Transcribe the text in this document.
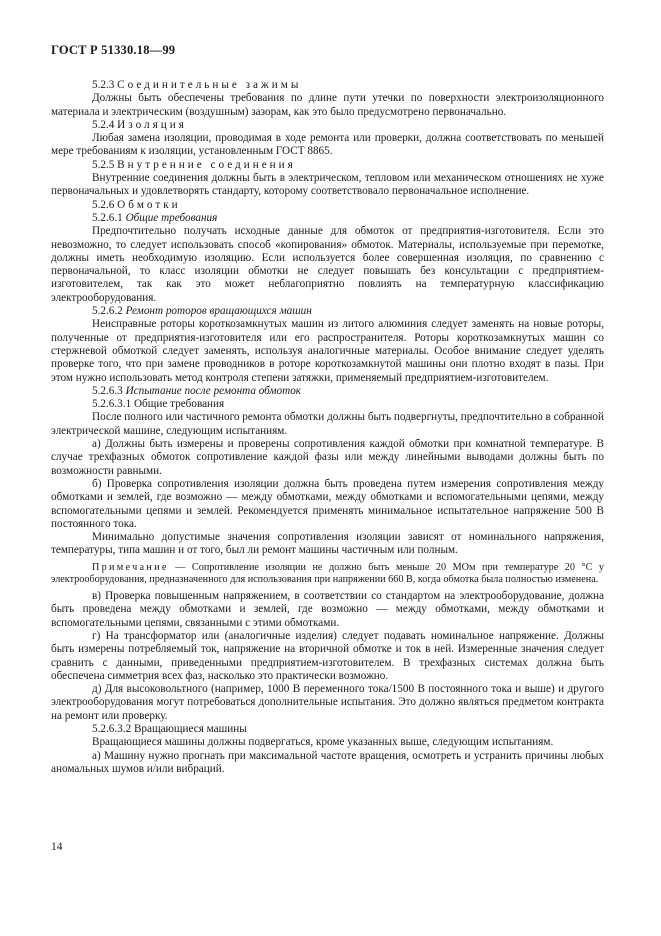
ГОСТ Р 51330.18—99

5.2.3 Соединительные зажимы

Должны быть обеспечены требования по длине пути утечки по поверхности электроизоляционного материала и электрическим (воздушным) зазорам, как это было предусмотрено первоначально.

5.2.4 Изоляция

Любая замена изоляции, проводимая в ходе ремонта или проверки, должна соответствовать по меньшей мере требованиям к изоляции, установленным ГОСТ 8865.

5.2.5 Внутренние соединения

Внутренние соединения должны быть в электрическом, тепловом или механическом отношениях не хуже первоначальных и удовлетворять стандарту, которому соответствовало первоначальное исполнение.

5.2.6 Обмотки

5.2.6.1 Общие требования

Предпочтительно получать исходные данные для обмоток от предприятия-изготовителя. Если это невозможно, то следует использовать способ «копирования» обмоток. Материалы, используемые при перемотке, должны иметь необходимую изоляцию. Если используется более совершенная изоляция, по сравнению с первоначальной, то класс изоляции обмотки не следует повышать без консультации с предприятием-изготовителем, так как это может неблагоприятно повлиять на температурную классификацию электрооборудования.

5.2.6.2 Ремонт роторов вращающихся машин

Неисправные роторы короткозамкнутых машин из литого алюминия следует заменять на новые роторы, полученные от предприятия-изготовителя или его распространителя. Роторы короткозамкнутых машин со стержневой обмоткой следует заменять, используя аналогичные материалы. Особое внимание следует уделять проверке того, что при замене проводников в роторе короткозамкнутой машины они плотно входят в пазы. При этом нужно использовать метод контроля степени затяжки, применяемый предприятием-изготовителем.

5.2.6.3 Испытание после ремонта обмоток

5.2.6.3.1 Общие требования

После полного или частичного ремонта обмотки должны быть подвергнуты, предпочтительно в собранной электрической машине, следующим испытаниям.

а) Должны быть измерены и проверены сопротивления каждой обмотки при комнатной температуре. В случае трехфазных обмоток сопротивление каждой фазы или между линейными выводами должны быть по возможности равными.

б) Проверка сопротивления изоляции должна быть проведена путем измерения сопротивления между обмотками и землей, где возможно — между обмотками, между обмотками и вспомогательными цепями, между вспомогательными цепями и землей. Рекомендуется применять минимальное испытательное напряжение 500 В постоянного тока.

Минимально допустимые значения сопротивления изоляции зависят от номинального напряжения, температуры, типа машин и от того, был ли ремонт машины частичным или полным.

Примечание — Сопротивление изоляции не должно быть меньше 20 МОм при температуре 20 °С у электрооборудования, предназначенного для использования при напряжении 660 В, когда обмотка была полностью изменена.

в) Проверка повышенным напряжением, в соответствии со стандартом на электрооборудование, должна быть проведена между обмотками и землей, где возможно — между обмотками, между обмотками и вспомогательными цепями, связанными с этими обмотками.

г) На трансформатор или (аналогичные изделия) следует подавать номинальное напряжение. Должны быть измерены потребляемый ток, напряжение на вторичной обмотке и ток в ней. Измеренные значения следует сравнить с данными, приведенными предприятием-изготовителем. В трехфазных системах должна быть обеспечена симметрия всех фаз, насколько это практически возможно.

д) Для высоковольтного (например, 1000 В переменного тока/1500 В постоянного тока и выше) и другого электрооборудования могут потребоваться дополнительные испытания. Это должно являться предметом контракта на ремонт или проверку.

5.2.6.3.2 Вращающиеся машины

Вращающиеся машины должны подвергаться, кроме указанных выше, следующим испытаниям.

а) Машину нужно прогнать при максимальной частоте вращения, осмотреть и устранить причины любых аномальных шумов и/или вибраций.

14
